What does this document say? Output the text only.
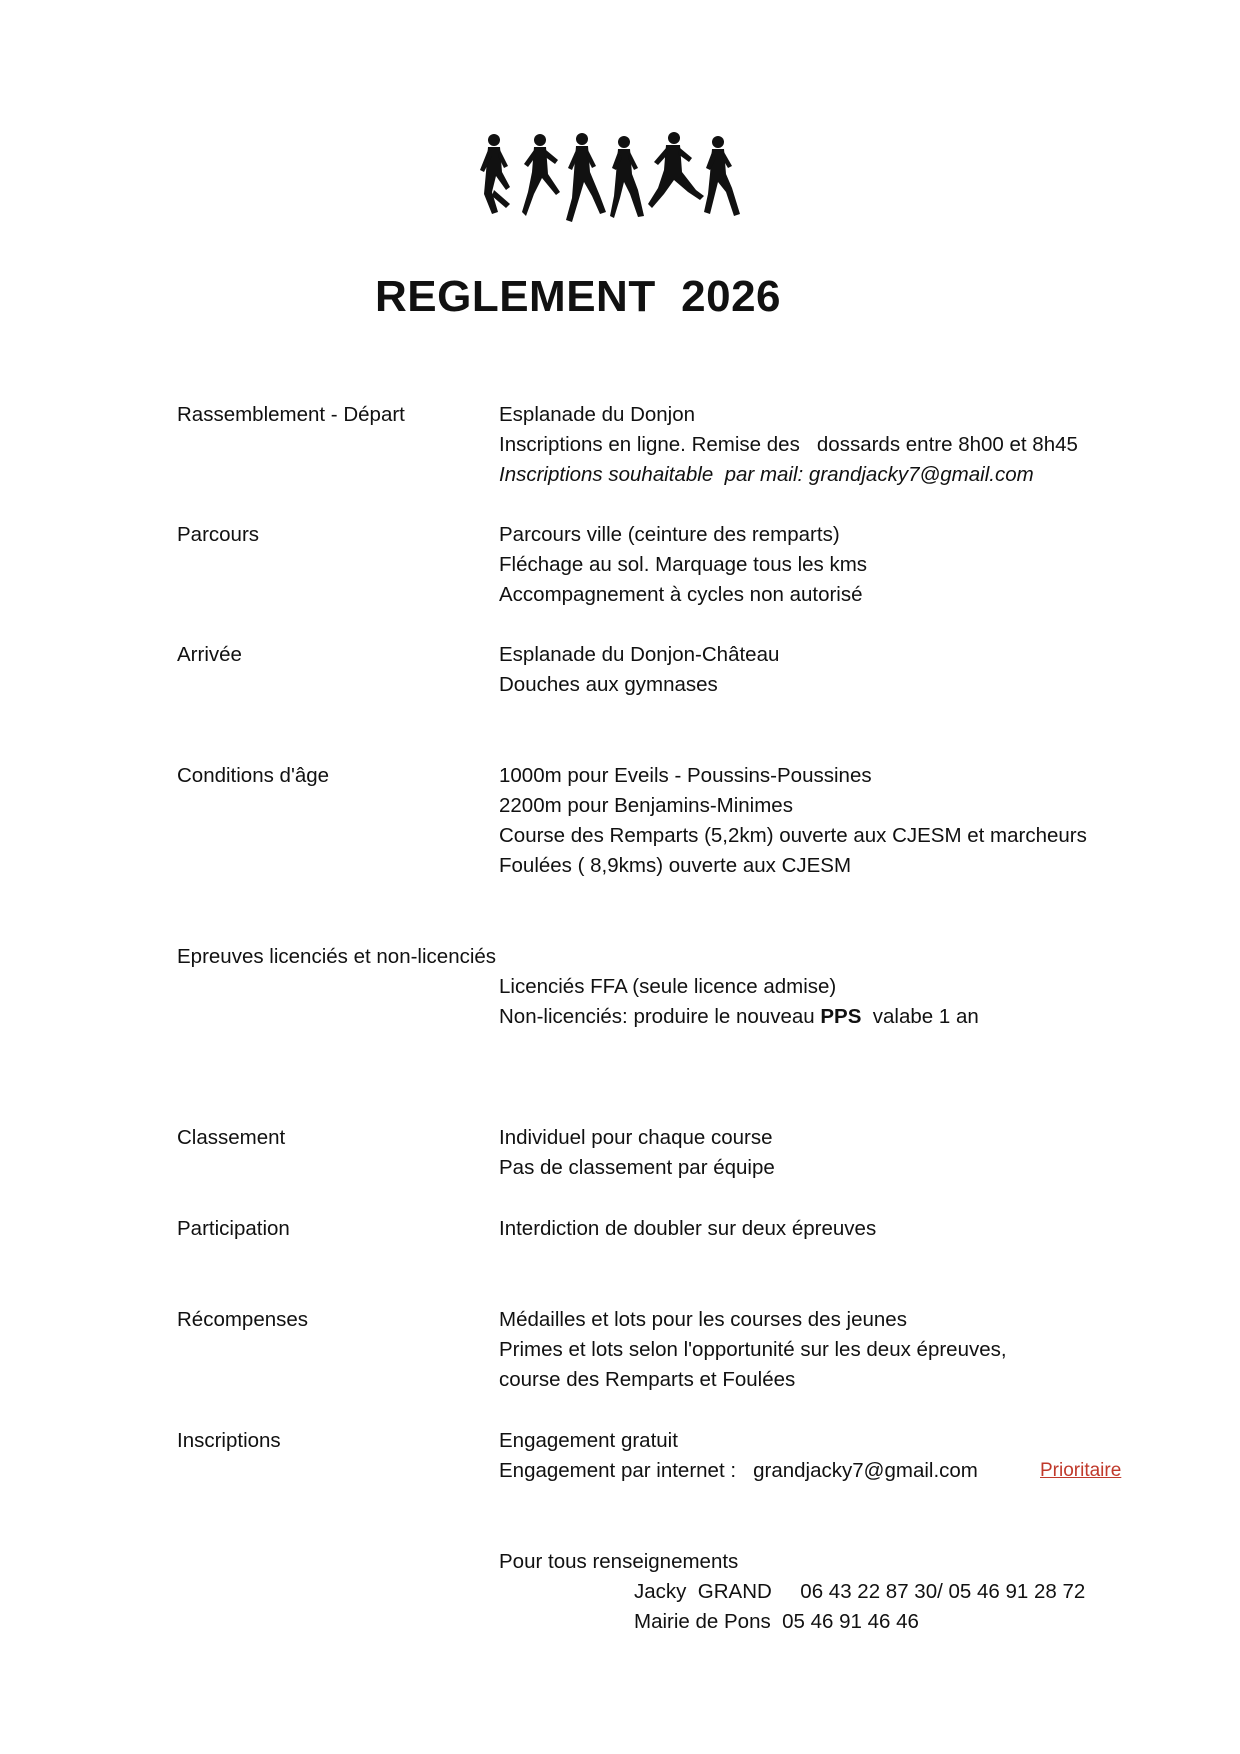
REGLEMENT  2026
Rassemblement - Départ	Esplanade du Donjon
Inscriptions en ligne. Remise des   dossards entre 8h00 et 8h45
Inscriptions souhaitable  par mail: grandjacky7@gmail.com
Parcours	Parcours ville (ceinture des remparts)
Fléchage au sol. Marquage tous les kms
Accompagnement à cycles non autorisé
Arrivée	Esplanade du Donjon-Château
Douches aux gymnases
Conditions d'âge	1000m pour Eveils - Poussins-Poussines
2200m pour Benjamins-Minimes
Course des Remparts (5,2km) ouverte aux CJESM et marcheurs
Foulées ( 8,9kms) ouverte aux CJESM
Epreuves licenciés et non-licenciés
Licenciés FFA (seule licence admise)
Non-licenciés: produire le nouveau PPS  valabe 1 an
Classement	Individuel pour chaque course
Pas de classement par équipe
Participation	Interdiction de doubler sur deux épreuves
Récompenses	Médailles et lots pour les courses des jeunes
Primes et lots selon l'opportunité sur les deux épreuves,
course des Remparts et Foulées
Inscriptions	Engagement gratuit
Engagement par internet :   grandjacky7@gmail.com	Prioritaire
Pour tous renseignements
Jacky  GRAND     06 43 22 87 30/ 05 46 91 28 72
Mairie de Pons  05 46 91 46 46
